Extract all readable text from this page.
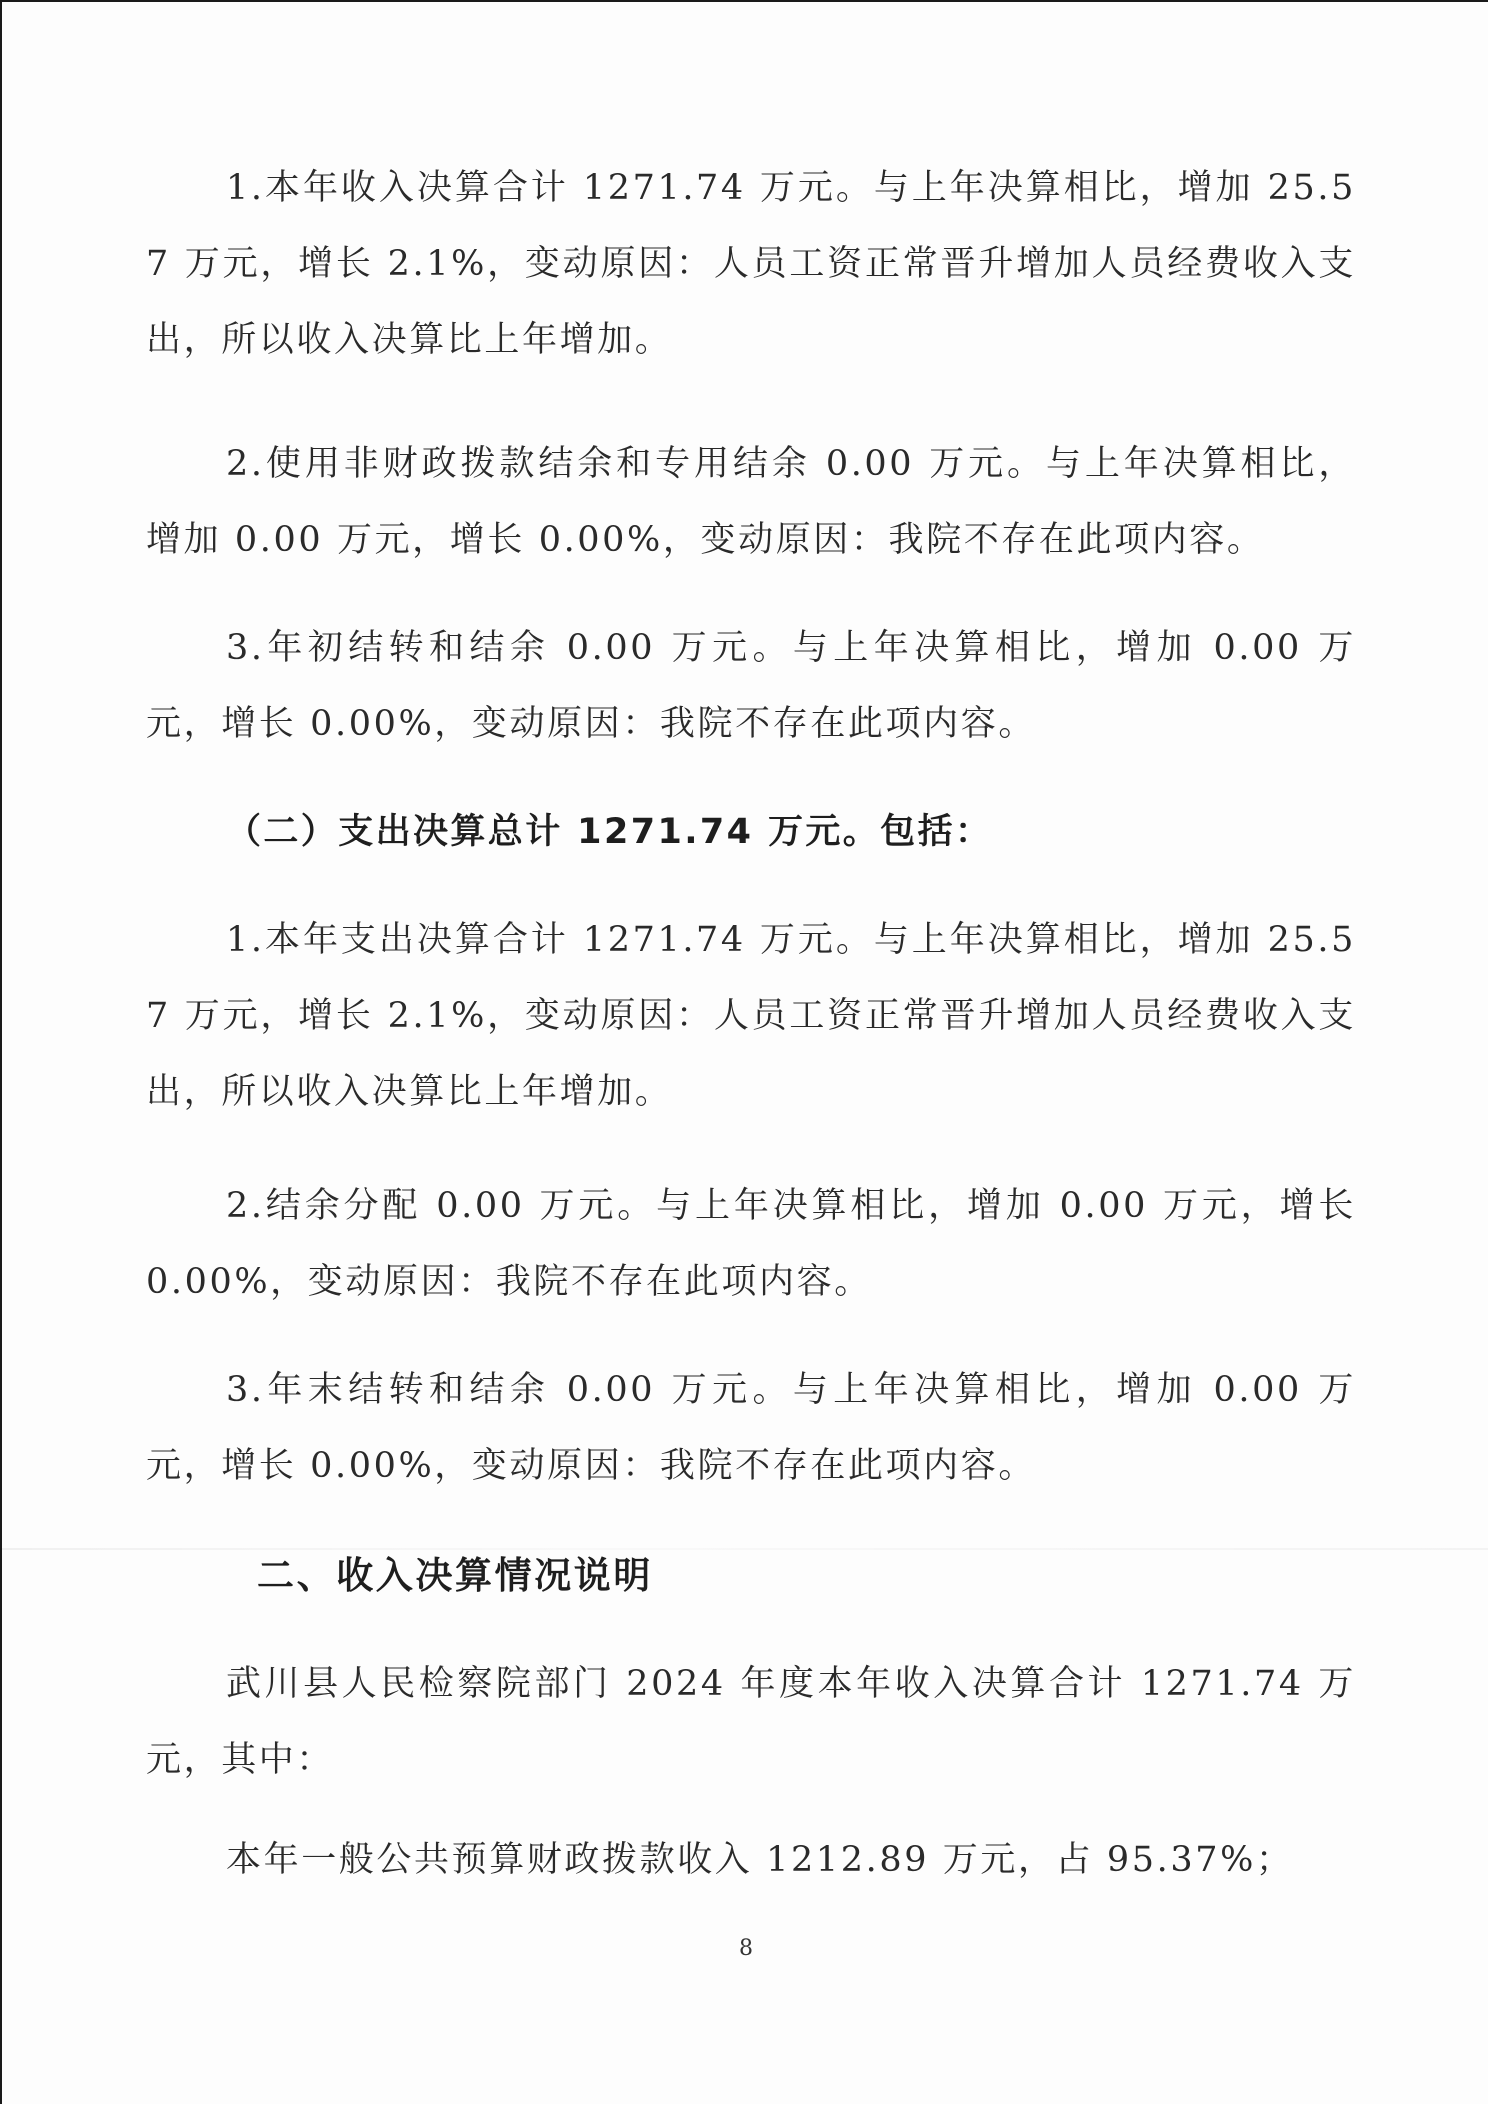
1.本年收入决算合计 1271.74 万元。与上年决算相比，增加 25.57 万元，增长 2.1%，变动原因：人员工资正常晋升增加人员经费收入支出，所以收入决算比上年增加。

2.使用非财政拨款结余和专用结余 0.00 万元。与上年决算相比，增加 0.00 万元，增长 0.00%，变动原因：我院不存在此项内容。

3.年初结转和结余 0.00 万元。与上年决算相比，增加 0.00 万元，增长 0.00%，变动原因：我院不存在此项内容。

（二）支出决算总计 1271.74 万元。包括：

1.本年支出决算合计 1271.74 万元。与上年决算相比，增加 25.57 万元，增长 2.1%，变动原因：人员工资正常晋升增加人员经费收入支出，所以收入决算比上年增加。

2.结余分配 0.00 万元。与上年决算相比，增加 0.00 万元，增长 0.00%，变动原因：我院不存在此项内容。

3.年末结转和结余 0.00 万元。与上年决算相比，增加 0.00 万元，增长 0.00%，变动原因：我院不存在此项内容。

二、收入决算情况说明

武川县人民检察院部门 2024 年度本年收入决算合计 1271.74 万元，其中：

本年一般公共预算财政拨款收入 1212.89 万元，占 95.37%；

8
